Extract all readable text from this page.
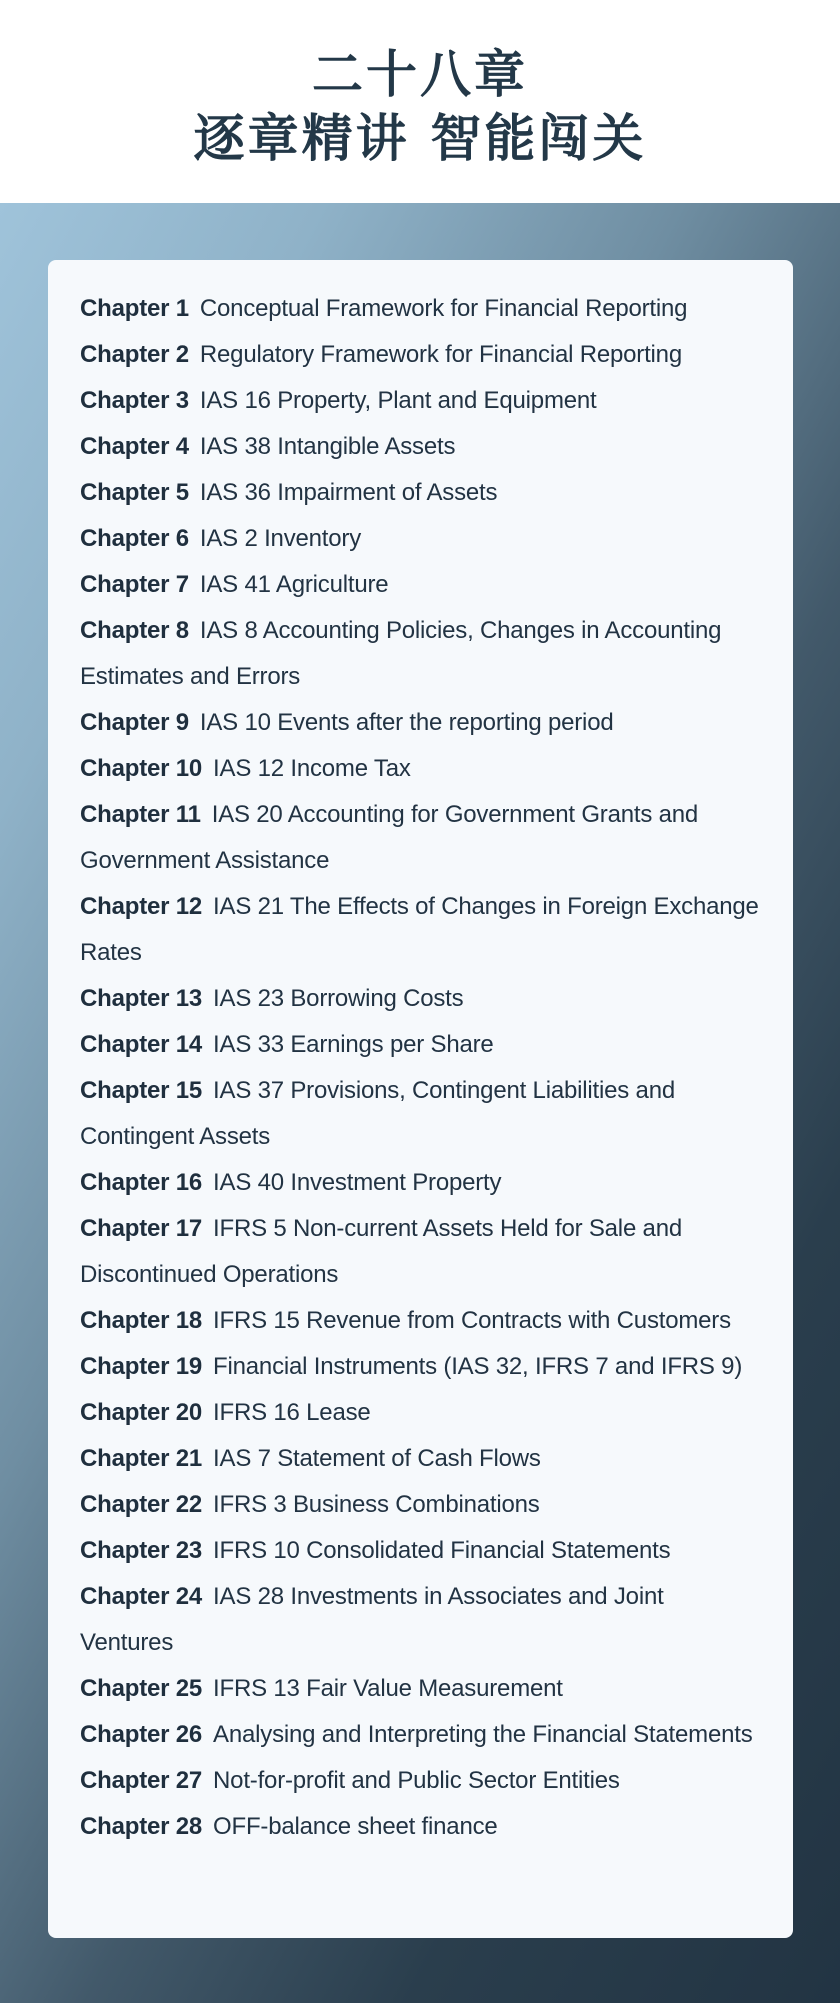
二十八章
逐章精讲 智能闯关
Chapter 1 Conceptual Framework for Financial Reporting
Chapter 2 Regulatory Framework for Financial Reporting
Chapter 3 IAS 16 Property, Plant and Equipment
Chapter 4 IAS 38 Intangible Assets
Chapter 5 IAS 36 Impairment of Assets
Chapter 6 IAS 2 Inventory
Chapter 7 IAS 41 Agriculture
Chapter 8 IAS 8 Accounting Policies, Changes in Accounting Estimates and Errors
Chapter 9 IAS 10 Events after the reporting period
Chapter 10 IAS 12 Income Tax
Chapter 11 IAS 20 Accounting for Government Grants and Government Assistance
Chapter 12 IAS 21 The Effects of Changes in Foreign Exchange Rates
Chapter 13 IAS 23 Borrowing Costs
Chapter 14 IAS 33 Earnings per Share
Chapter 15 IAS 37 Provisions, Contingent Liabilities and Contingent Assets
Chapter 16 IAS 40 Investment Property
Chapter 17 IFRS 5 Non-current Assets Held for Sale and Discontinued Operations
Chapter 18 IFRS 15 Revenue from Contracts with Customers
Chapter 19 Financial Instruments (IAS 32, IFRS 7 and IFRS 9)
Chapter 20 IFRS 16 Lease
Chapter 21 IAS 7 Statement of Cash Flows
Chapter 22 IFRS 3 Business Combinations
Chapter 23 IFRS 10 Consolidated Financial Statements
Chapter 24 IAS 28 Investments in Associates and Joint Ventures
Chapter 25 IFRS 13 Fair Value Measurement
Chapter 26 Analysing and Interpreting the Financial Statements
Chapter 27 Not-for-profit and Public Sector Entities
Chapter 28 OFF-balance sheet finance
